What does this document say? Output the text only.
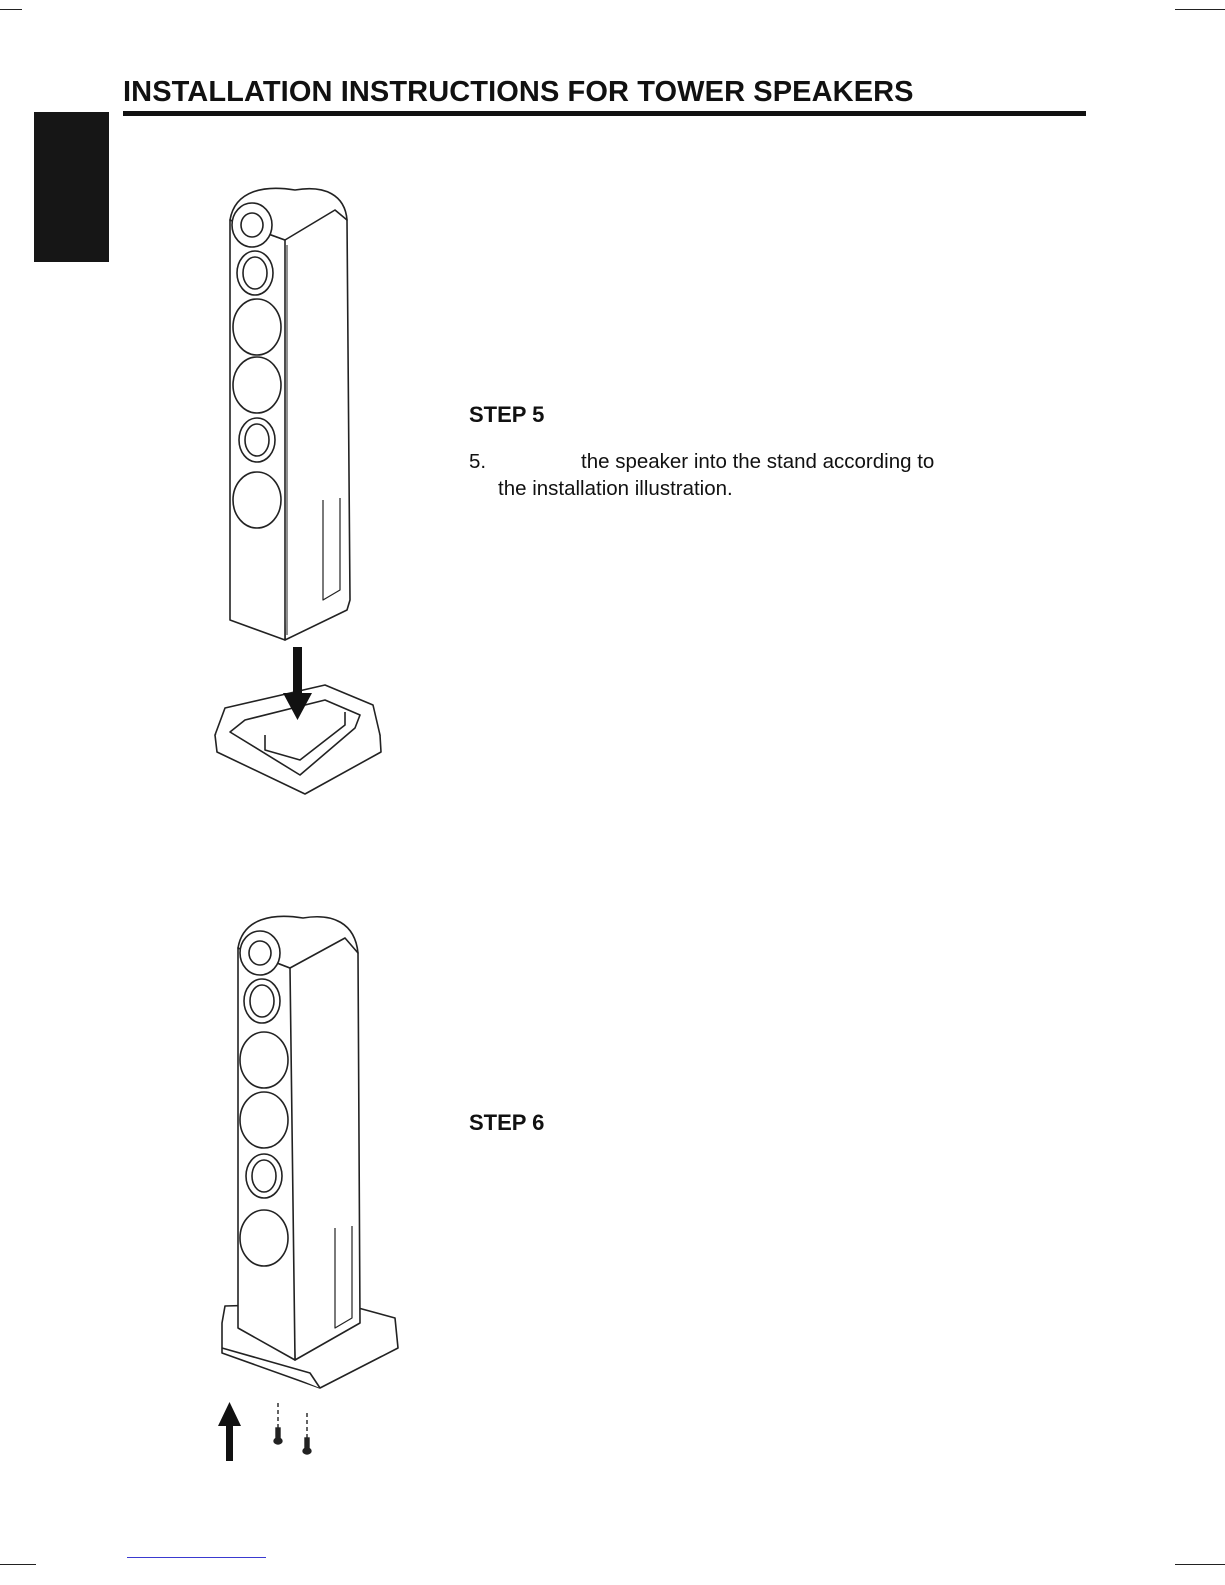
INSTALLATION INSTRUCTIONS FOR TOWER SPEAKERS
STEP 5
5.	the speaker into the stand according to
the installation illustration.
STEP 6
